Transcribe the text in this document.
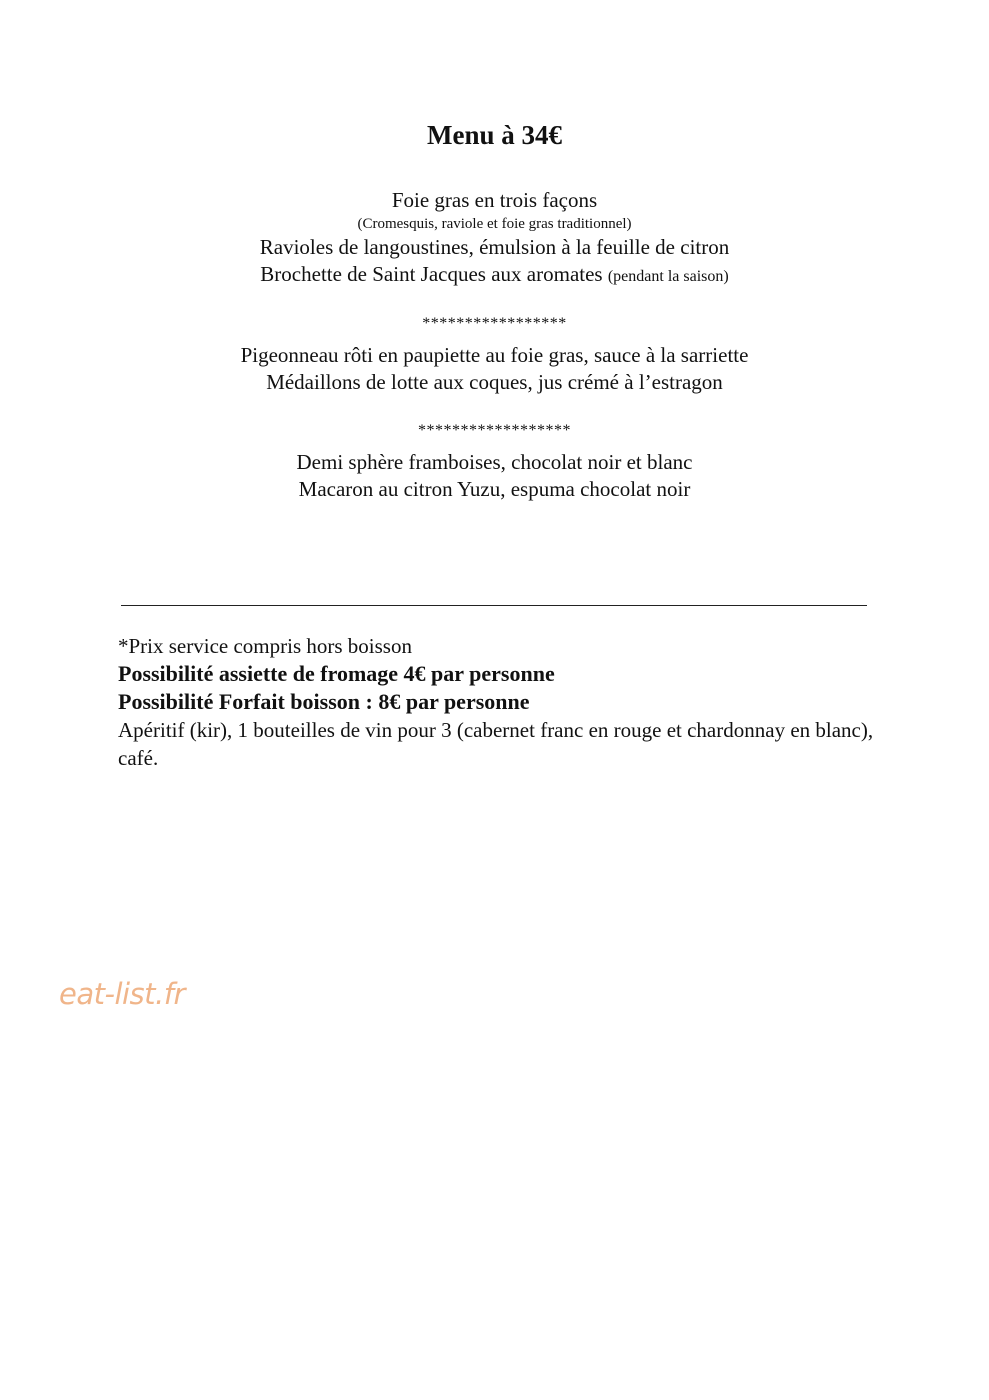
Menu à 34€
Foie gras en trois façons
(Cromesquis, raviole et foie gras traditionnel)
Ravioles de langoustines, émulsion à la feuille de citron
Brochette de Saint Jacques aux aromates (pendant la saison)
*****************
Pigeonneau rôti en paupiette au foie gras, sauce à la sarriette
Médaillons de lotte aux coques, jus crémé à l’estragon
******************
Demi sphère framboises, chocolat noir et blanc
Macaron au citron Yuzu, espuma chocolat noir
*Prix service compris hors boisson
Possibilité assiette de fromage 4€ par personne
Possibilité Forfait boisson : 8€ par personne
Apéritif (kir), 1 bouteilles de vin pour 3 (cabernet franc en rouge et chardonnay en blanc), café.
eat-list.fr
